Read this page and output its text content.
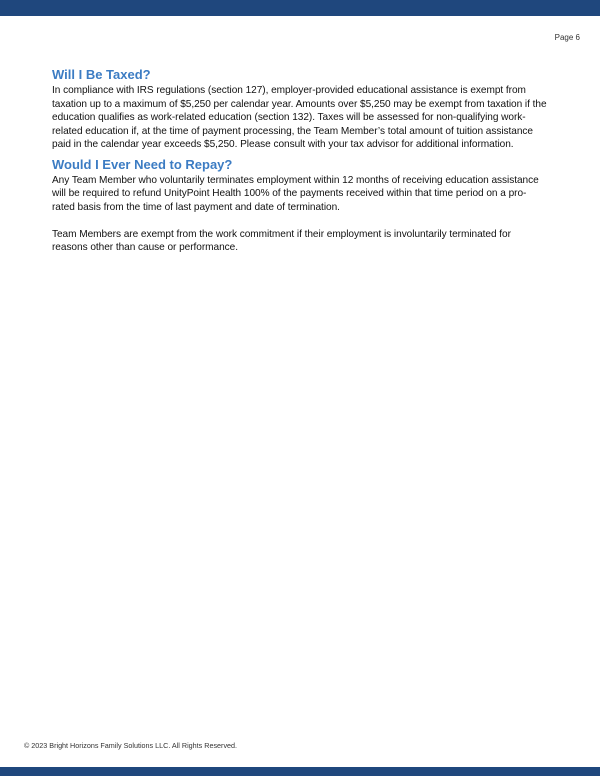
Page 6
Will I Be Taxed?

In compliance with IRS regulations (section 127), employer-provided educational assistance is exempt from taxation up to a maximum of $5,250 per calendar year. Amounts over $5,250 may be exempt from taxation if the education qualifies as work-related education (section 132). Taxes will be assessed for non-qualifying work-related education if, at the time of payment processing, the Team Member’s total amount of tuition assistance paid in the calendar year exceeds $5,250. Please consult with your tax advisor for additional information.

Would I Ever Need to Repay?

Any Team Member who voluntarily terminates employment within 12 months of receiving education assistance will be required to refund UnityPoint Health 100% of the payments received within that time period on a pro-rated basis from the time of last payment and date of termination.

Team Members are exempt from the work commitment if their employment is involuntarily terminated for reasons other than cause or performance.

© 2023 Bright Horizons Family Solutions LLC. All Rights Reserved.
